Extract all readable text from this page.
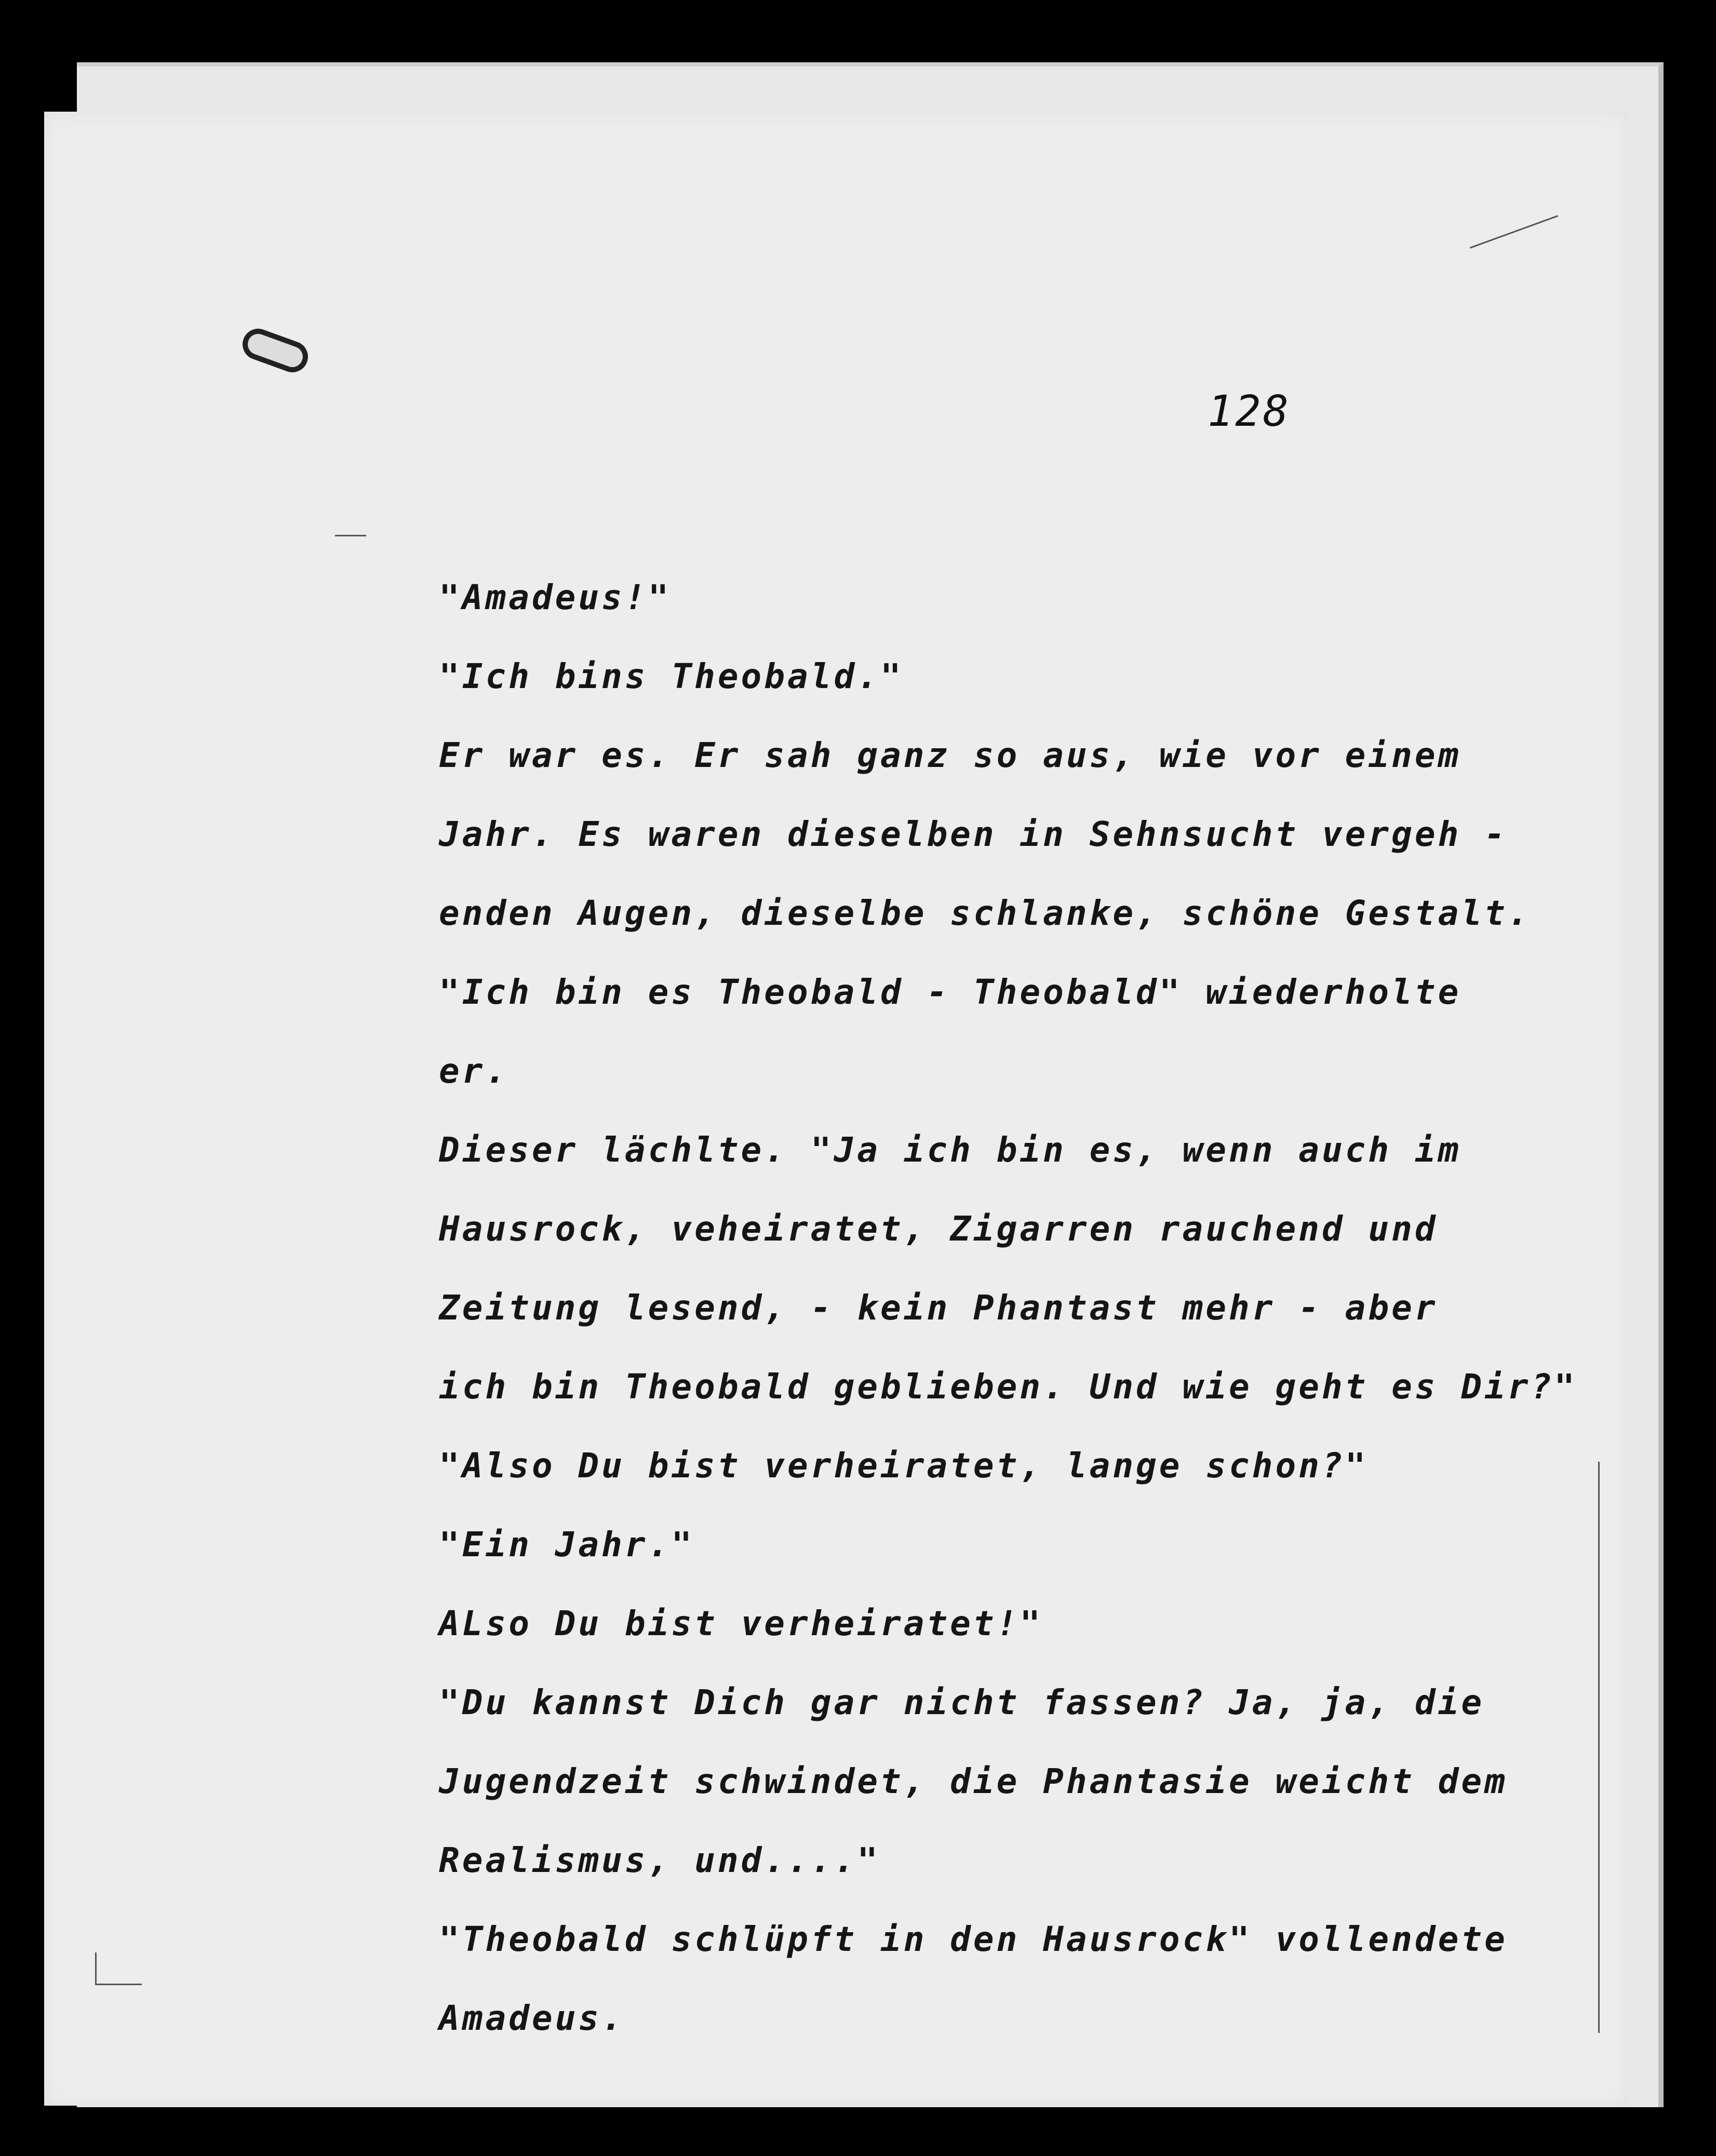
128
"Amadeus!"
"Ich bins Theobald."
Er war es. Er sah ganz so aus, wie vor einem
Jahr. Es waren dieselben in Sehnsucht vergeh -
enden Augen, dieselbe schlanke, schöne Gestalt.
"Ich bin es Theobald - Theobald" wiederholte
er.
Dieser lächlte. "Ja ich bin es, wenn auch im
Hausrock, veheiratet, Zigarren rauchend und
Zeitung lesend, - kein Phantast mehr - aber
ich bin Theobald geblieben. Und wie geht es Dir?"
"Also Du bist verheiratet, lange schon?"
"Ein Jahr."
ALso Du bist verheiratet!"
"Du kannst Dich gar nicht fassen? Ja, ja, die
Jugendzeit schwindet, die Phantasie weicht dem
Realismus, und...."
"Theobald schlüpft in den Hausrock" vollendete
Amadeus.
